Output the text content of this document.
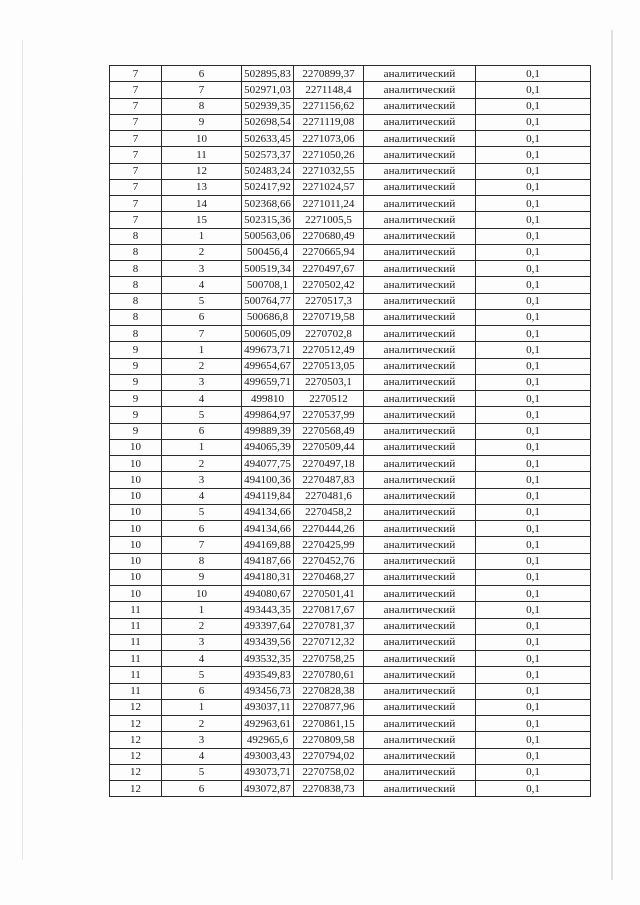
7	6	502895,83	2270899,37	аналитический	0,1
7	7	502971,03	2271148,4	аналитический	0,1
7	8	502939,35	2271156,62	аналитический	0,1
7	9	502698,54	2271119,08	аналитический	0,1
7	10	502633,45	2271073,06	аналитический	0,1
7	11	502573,37	2271050,26	аналитический	0,1
7	12	502483,24	2271032,55	аналитический	0,1
7	13	502417,92	2271024,57	аналитический	0,1
7	14	502368,66	2271011,24	аналитический	0,1
7	15	502315,36	2271005,5	аналитический	0,1
8	1	500563,06	2270680,49	аналитический	0,1
8	2	500456,4	2270665,94	аналитический	0,1
8	3	500519,34	2270497,67	аналитический	0,1
8	4	500708,1	2270502,42	аналитический	0,1
8	5	500764,77	2270517,3	аналитический	0,1
8	6	500686,8	2270719,58	аналитический	0,1
8	7	500605,09	2270702,8	аналитический	0,1
9	1	499673,71	2270512,49	аналитический	0,1
9	2	499654,67	2270513,05	аналитический	0,1
9	3	499659,71	2270503,1	аналитический	0,1
9	4	499810	2270512	аналитический	0,1
9	5	499864,97	2270537,99	аналитический	0,1
9	6	499889,39	2270568,49	аналитический	0,1
10	1	494065,39	2270509,44	аналитический	0,1
10	2	494077,75	2270497,18	аналитический	0,1
10	3	494100,36	2270487,83	аналитический	0,1
10	4	494119,84	2270481,6	аналитический	0,1
10	5	494134,66	2270458,2	аналитический	0,1
10	6	494134,66	2270444,26	аналитический	0,1
10	7	494169,88	2270425,99	аналитический	0,1
10	8	494187,66	2270452,76	аналитический	0,1
10	9	494180,31	2270468,27	аналитический	0,1
10	10	494080,67	2270501,41	аналитический	0,1
11	1	493443,35	2270817,67	аналитический	0,1
11	2	493397,64	2270781,37	аналитический	0,1
11	3	493439,56	2270712,32	аналитический	0,1
11	4	493532,35	2270758,25	аналитический	0,1
11	5	493549,83	2270780,61	аналитический	0,1
11	6	493456,73	2270828,38	аналитический	0,1
12	1	493037,11	2270877,96	аналитический	0,1
12	2	492963,61	2270861,15	аналитический	0,1
12	3	492965,6	2270809,58	аналитический	0,1
12	4	493003,43	2270794,02	аналитический	0,1
12	5	493073,71	2270758,02	аналитический	0,1
12	6	493072,87	2270838,73	аналитический	0,1
